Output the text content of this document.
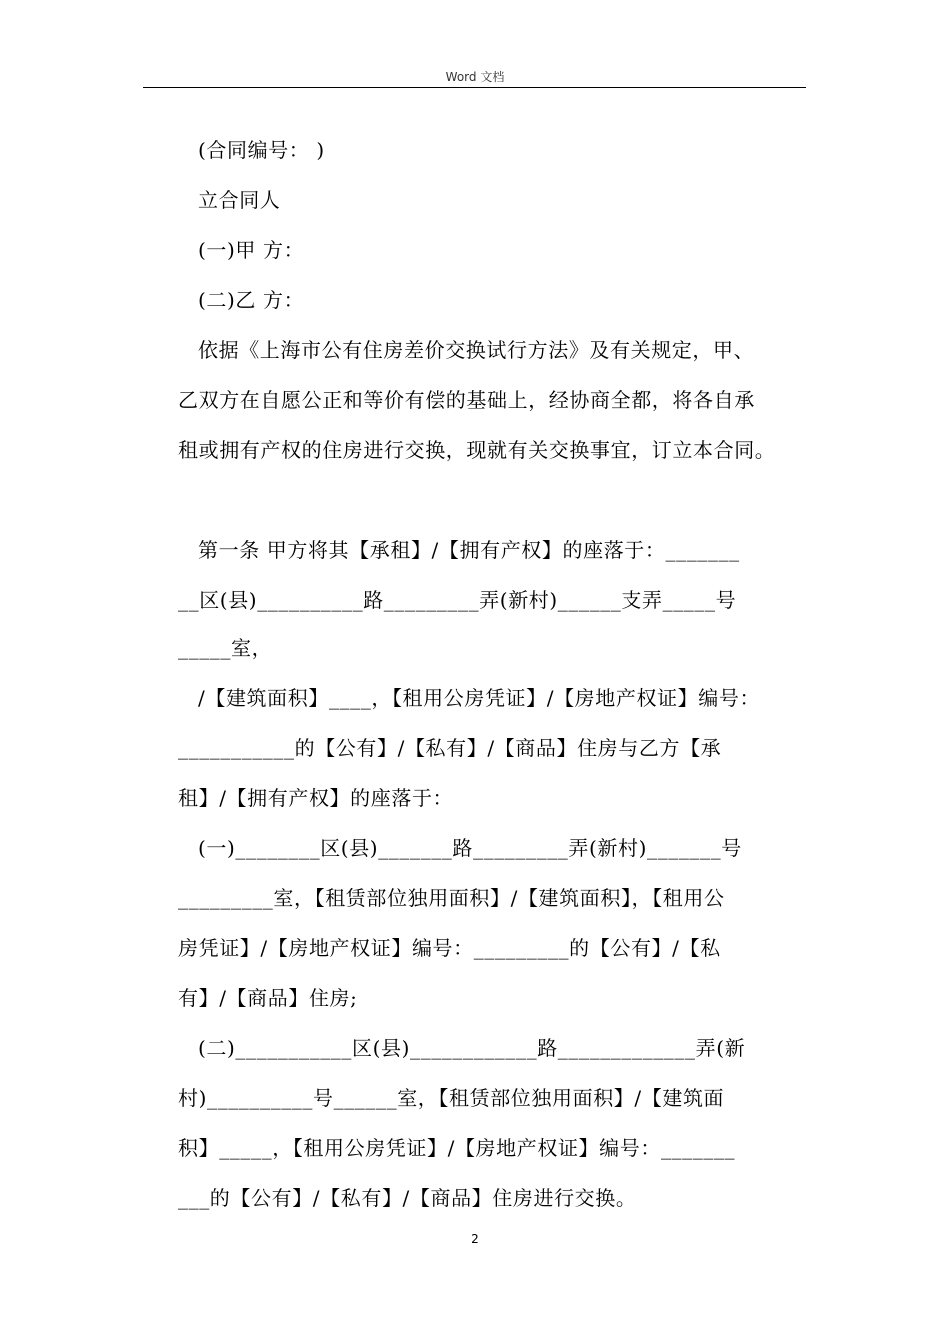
Word 文档
(合同编号： )
立合同人
(一)甲 方：
(二)乙 方：
依据《上海市公有住房差价交换试行方法》及有关规定，甲、
乙双方在自愿公正和等价有偿的基础上，经协商全都，将各自承
租或拥有产权的住房进行交换，现就有关交换事宜，订立本合同。
第一条 甲方将其【承租】/【拥有产权】的座落于：_______
__区(县)__________路_________弄(新村)______支弄_____号
_____室，
/【建筑面积】____，【租用公房凭证】/【房地产权证】编号：
___________的【公有】/【私有】/【商品】住房与乙方【承
租】/【拥有产权】的座落于：
(一)________区(县)_______路_________弄(新村)_______号
_________室，【租赁部位独用面积】/【建筑面积】，【租用公
房凭证】/【房地产权证】编号：_________的【公有】/【私
有】/【商品】住房;
(二)___________区(县)____________路_____________弄(新
村)__________号______室，【租赁部位独用面积】/【建筑面
积】_____，【租用公房凭证】/【房地产权证】编号：_______
___的【公有】/【私有】/【商品】住房进行交换。
2
